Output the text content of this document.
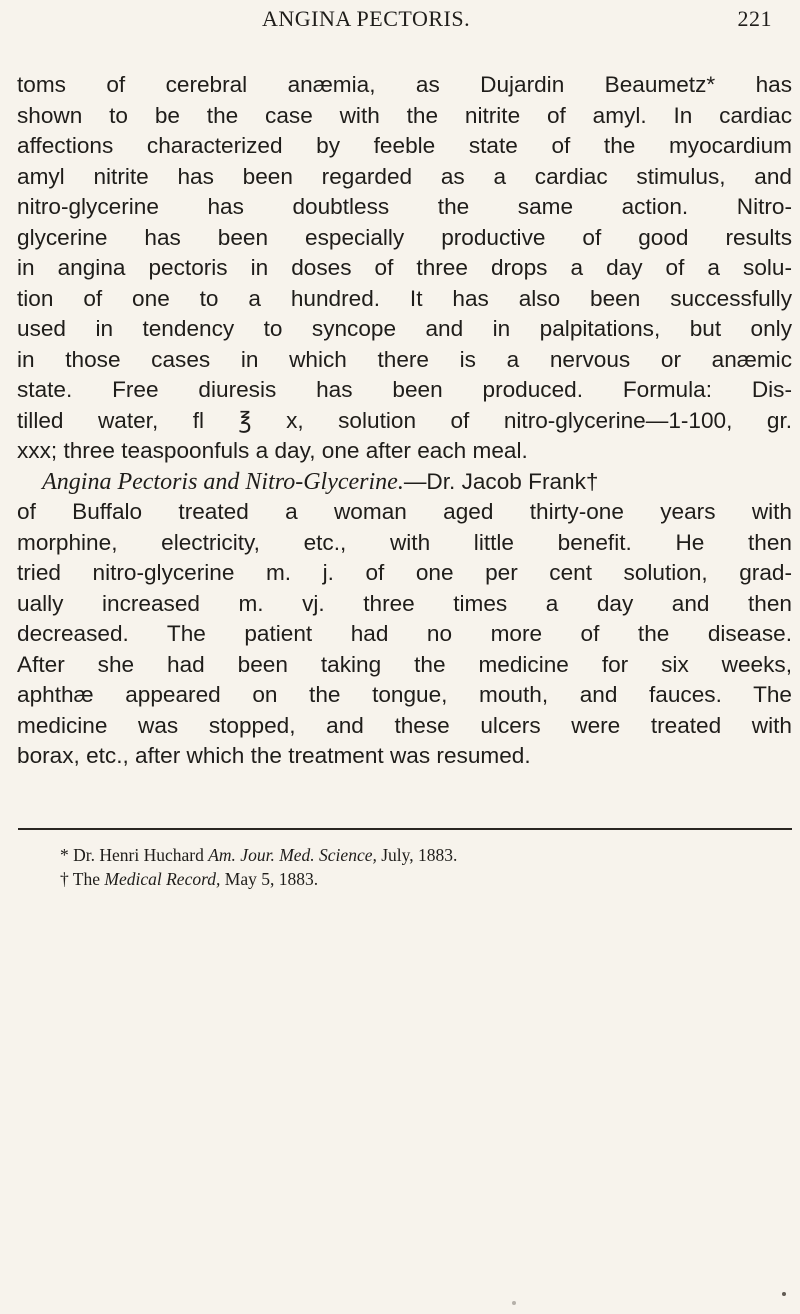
ANGINA PECTORIS.	221
toms of cerebral anæmia, as Dujardin Beaumetz* has
shown to be the case with the nitrite of amyl. In cardiac
affections characterized by feeble state of the myocardium
amyl nitrite has been regarded as a cardiac stimulus, and
nitro-glycerine has doubtless the same action. Nitro-
glycerine has been especially productive of good results
in angina pectoris in doses of three drops a day of a solu-
tion of one to a hundred. It has also been successfully
used in tendency to syncope and in palpitations, but only
in those cases in which there is a nervous or anæmic
state. Free diuresis has been produced. Formula: Dis-
tilled water, fl ℥ x, solution of nitro-glycerine—1-100, gr.
xxx; three teaspoonfuls a day, one after each meal.
Angina Pectoris and Nitro-Glycerine.—Dr. Jacob Frank†
of Buffalo treated a woman aged thirty-one years with
morphine, electricity, etc., with little benefit. He then
tried nitro-glycerine m. j. of one per cent solution, grad-
ually increased m. vj. three times a day and then
decreased. The patient had no more of the disease.
After she had been taking the medicine for six weeks,
aphthæ appeared on the tongue, mouth, and fauces. The
medicine was stopped, and these ulcers were treated with
borax, etc., after which the treatment was resumed.
* Dr. Henri Huchard Am. Jour. Med. Science, July, 1883.
† The Medical Record, May 5, 1883.
